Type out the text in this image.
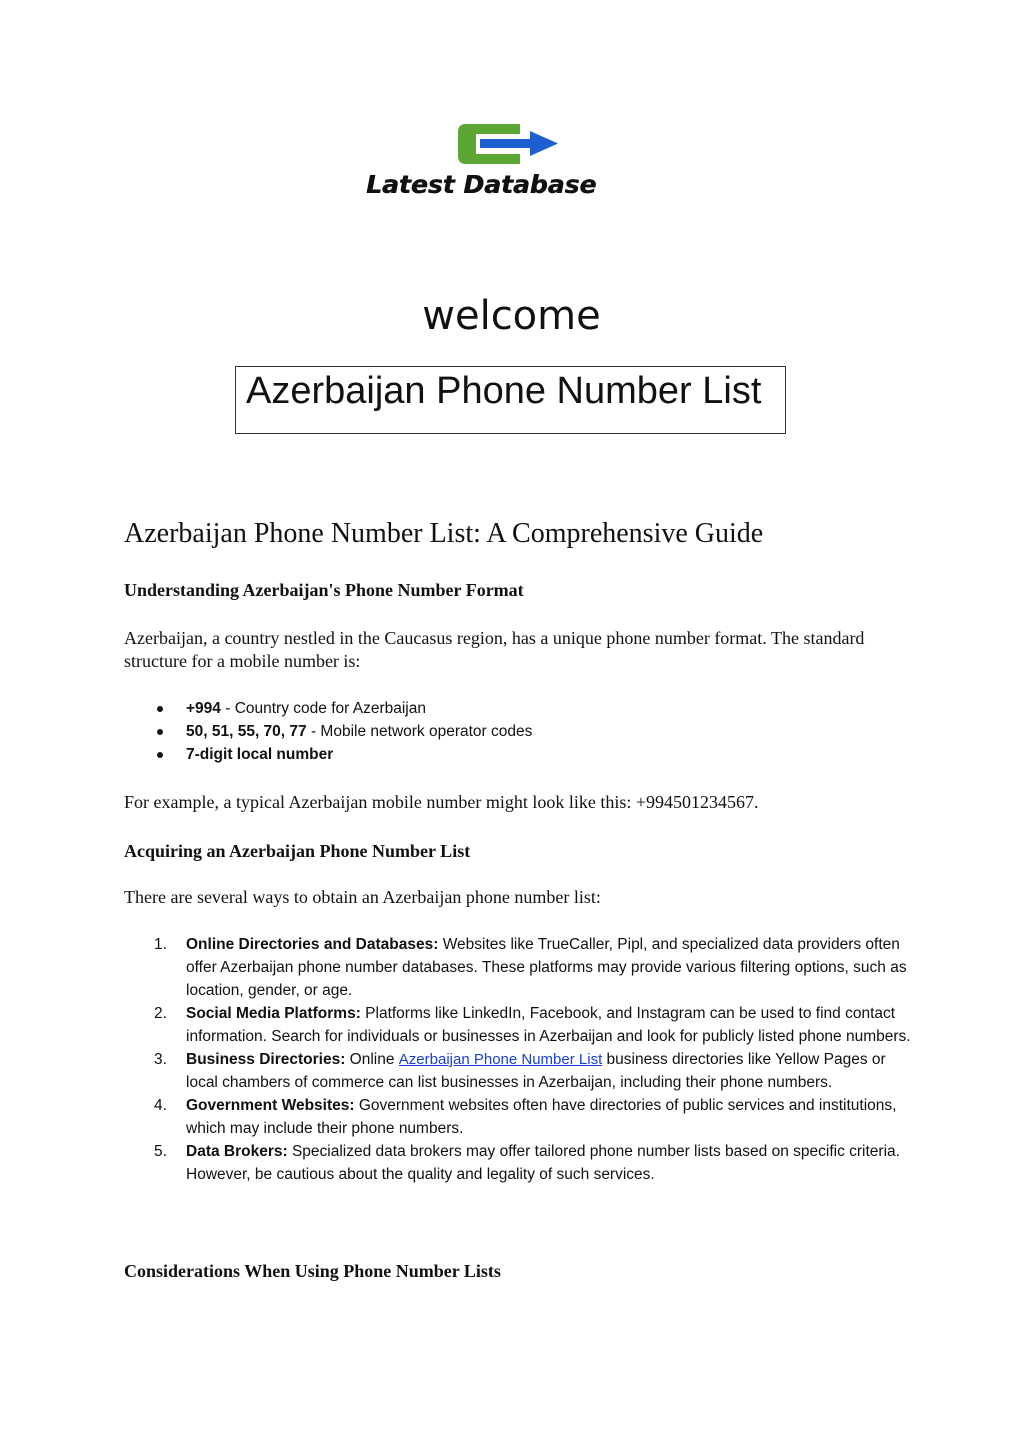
Latest Database
welcome
Azerbaijan Phone Number List
Azerbaijan Phone Number List: A Comprehensive Guide
Understanding Azerbaijan's Phone Number Format
Azerbaijan, a country nestled in the Caucasus region, has a unique phone number format. The standard structure for a mobile number is:
+994 - Country code for Azerbaijan
50, 51, 55, 70, 77 - Mobile network operator codes
7-digit local number
For example, a typical Azerbaijan mobile number might look like this: +994501234567.
Acquiring an Azerbaijan Phone Number List
There are several ways to obtain an Azerbaijan phone number list:
1. Online Directories and Databases: Websites like TrueCaller, Pipl, and specialized data providers often offer Azerbaijan phone number databases. These platforms may provide various filtering options, such as location, gender, or age.
2. Social Media Platforms: Platforms like LinkedIn, Facebook, and Instagram can be used to find contact information. Search for individuals or businesses in Azerbaijan and look for publicly listed phone numbers.
3. Business Directories: Online Azerbaijan Phone Number List business directories like Yellow Pages or local chambers of commerce can list businesses in Azerbaijan, including their phone numbers.
4. Government Websites: Government websites often have directories of public services and institutions, which may include their phone numbers.
5. Data Brokers: Specialized data brokers may offer tailored phone number lists based on specific criteria. However, be cautious about the quality and legality of such services.
Considerations When Using Phone Number Lists
